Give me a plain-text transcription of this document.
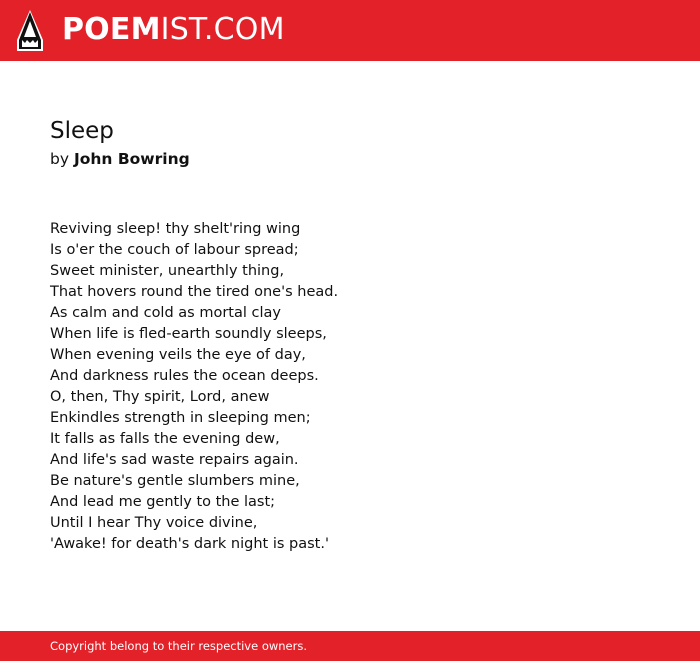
POEMIST.COM
Sleep
by John Bowring
Reviving sleep! thy shelt'ring wing
Is o'er the couch of labour spread;
Sweet minister, unearthly thing,
That hovers round the tired one's head.
As calm and cold as mortal clay
When life is fled-earth soundly sleeps,
When evening veils the eye of day,
And darkness rules the ocean deeps.
O, then, Thy spirit, Lord, anew
Enkindles strength in sleeping men;
It falls as falls the evening dew,
And life's sad waste repairs again.
Be nature's gentle slumbers mine,
And lead me gently to the last;
Until I hear Thy voice divine,
'Awake! for death's dark night is past.'
Copyright belong to their respective owners.
